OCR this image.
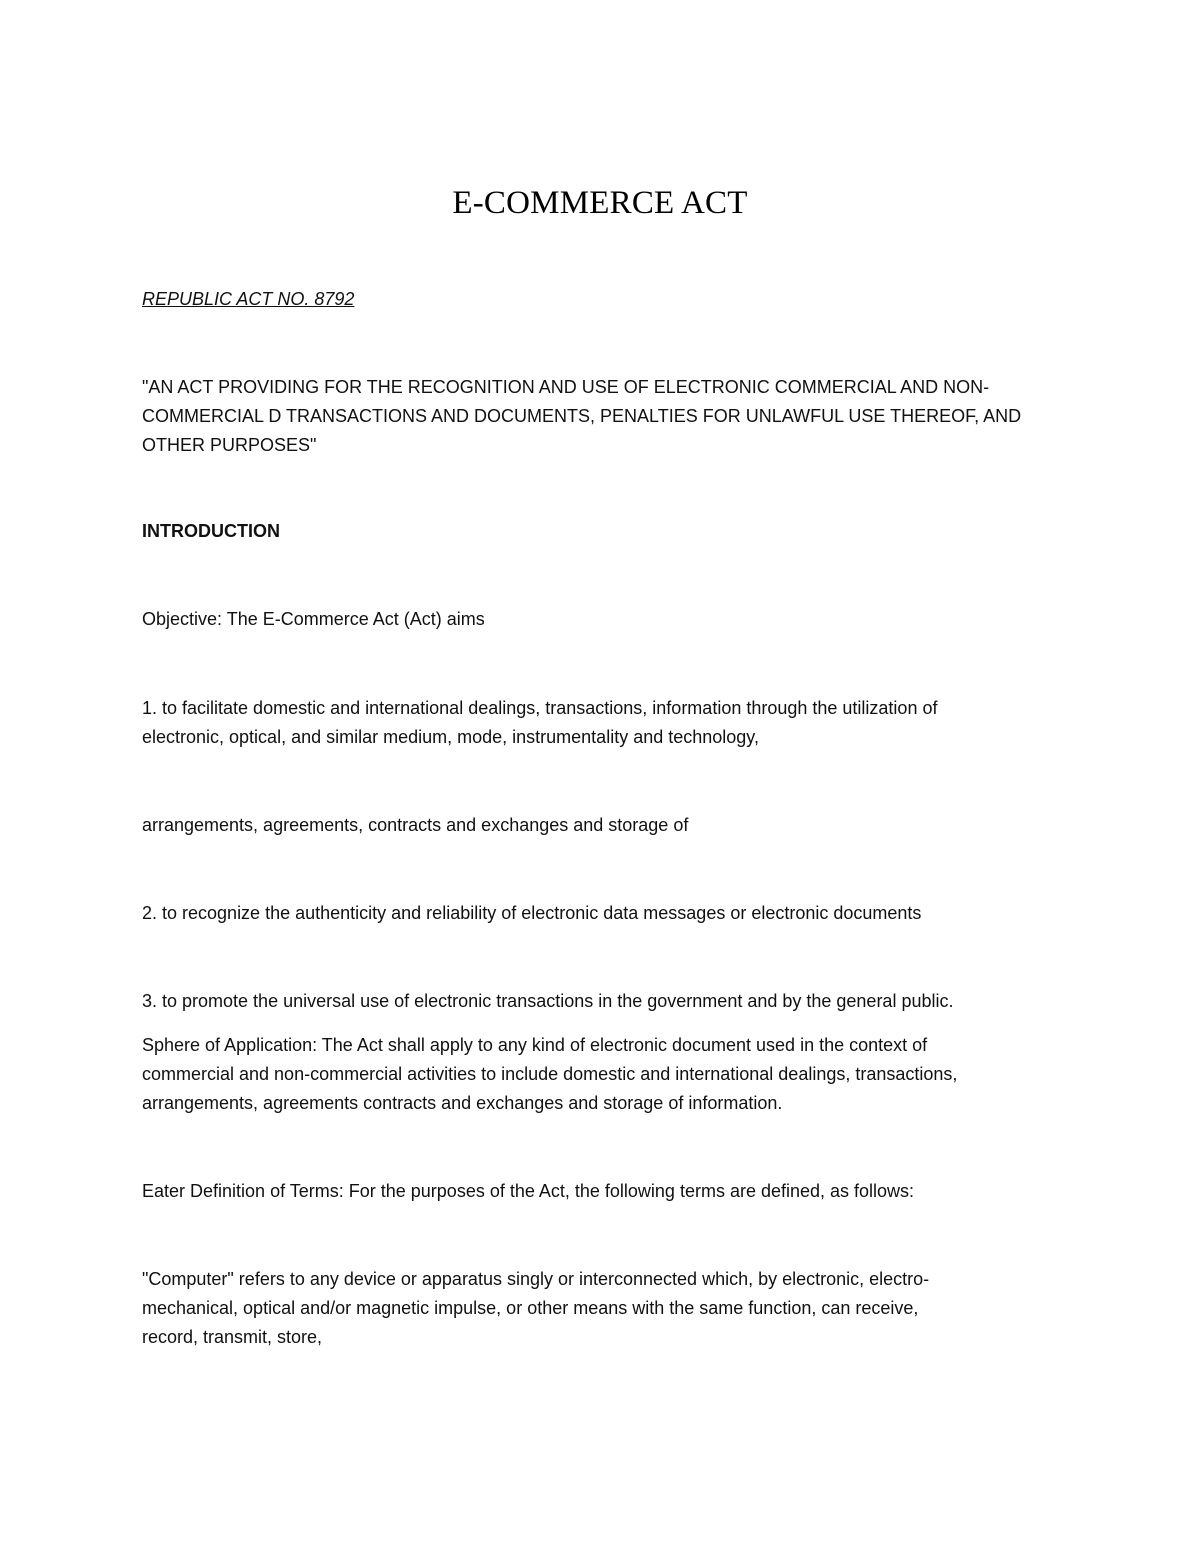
E-COMMERCE ACT

REPUBLIC ACT NO. 8792

"AN ACT PROVIDING FOR THE RECOGNITION AND USE OF ELECTRONIC COMMERCIAL AND NON-

COMMERCIAL D TRANSACTIONS AND DOCUMENTS, PENALTIES FOR UNLAWFUL USE THEREOF, AND

OTHER PURPOSES"

INTRODUCTION

Objective: The E-Commerce Act (Act) aims

1. to facilitate domestic and international dealings, transactions, information through the utilization of

electronic, optical, and similar medium, mode, instrumentality and technology,

arrangements, agreements, contracts and exchanges and storage of

2. to recognize the authenticity and reliability of electronic data messages or electronic documents

3. to promote the universal use of electronic transactions in the government and by the general public.

Sphere of Application: The Act shall apply to any kind of electronic document used in the context of

commercial and non-commercial activities to include domestic and international dealings, transactions,

arrangements, agreements contracts and exchanges and storage of information.

Eater Definition of Terms: For the purposes of the Act, the following terms are defined, as follows:

"Computer" refers to any device or apparatus singly or interconnected which, by electronic, electro-

mechanical, optical and/or magnetic impulse, or other means with the same function, can receive,

record, transmit, store,
